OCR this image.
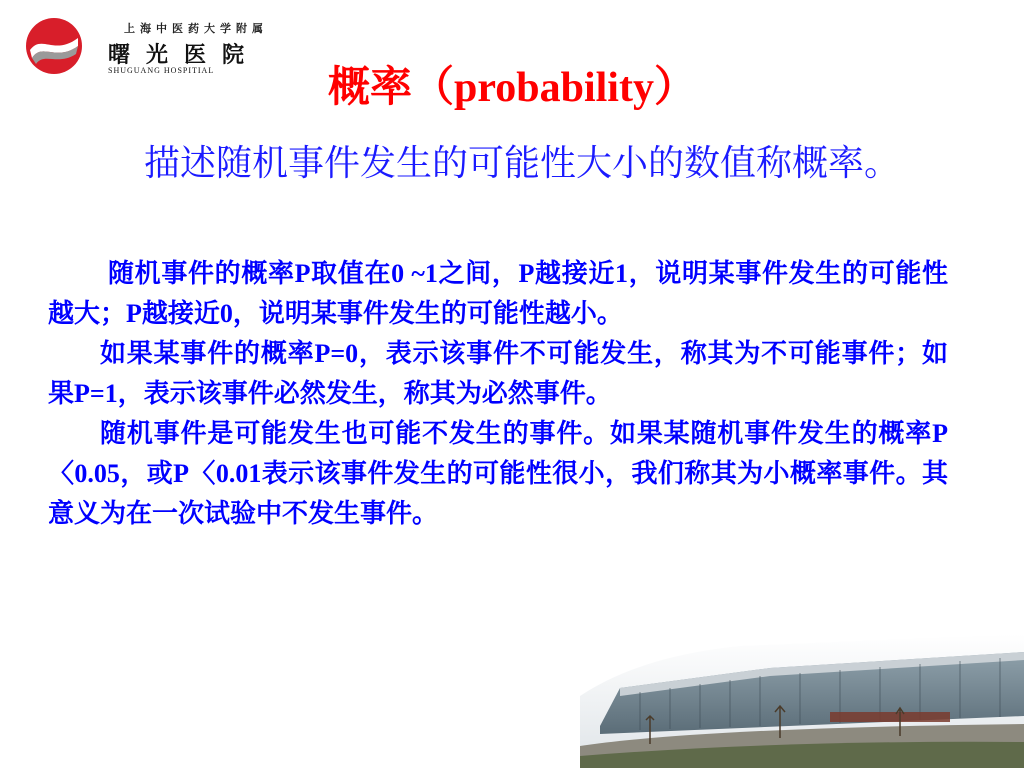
上海中医药大学附属
曙光医院
SHUGUANG HOSPITIAL	概率（probability）
描述随机事件发生的可能性大小的数值称概率。

随机事件的概率P取值在0 ~1之间，P越接近1，说明某事件发生的可能性越大；P越接近0，说明某事件发生的可能性越小。

如果某事件的概率P=0，表示该事件不可能发生，称其为不可能事件；如果P=1，表示该事件必然发生，称其为必然事件。

随机事件是可能发生也可能不发生的事件。如果某随机事件发生的概率P〈0.05，或P〈0.01表示该事件发生的可能性很小，我们称其为小概率事件。其意义为在一次试验中不发生事件。
